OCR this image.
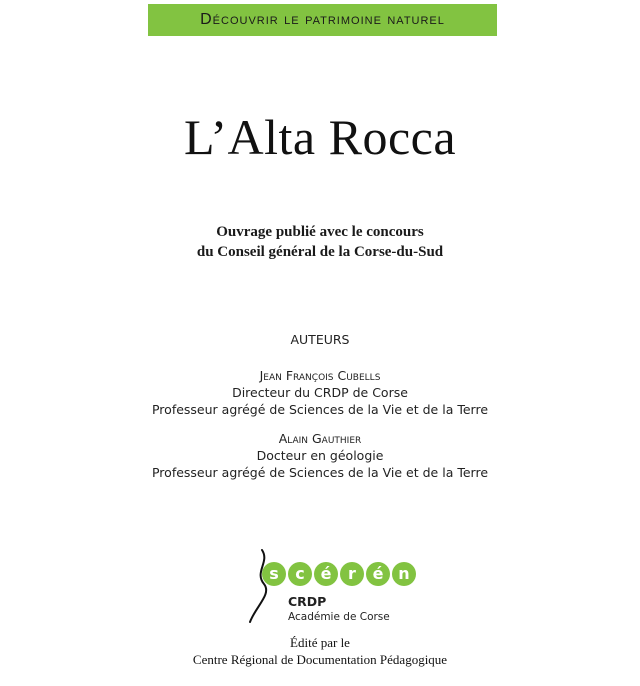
Découvrir le patrimoine naturel
L’Alta Rocca
Ouvrage publié avec le concours
du Conseil général de la Corse-du-Sud
AUTEURS
Jean François Cubells
Directeur du CRDP de Corse
Professeur agrégé de Sciences de la Vie et de la Terre
Alain Gauthier
Docteur en géologie
Professeur agrégé de Sciences de la Vie et de la Terre
s	c é	r	é n
CRDP
Académie de Corse
Édité par le
Centre Régional de Documentation Pédagogique
